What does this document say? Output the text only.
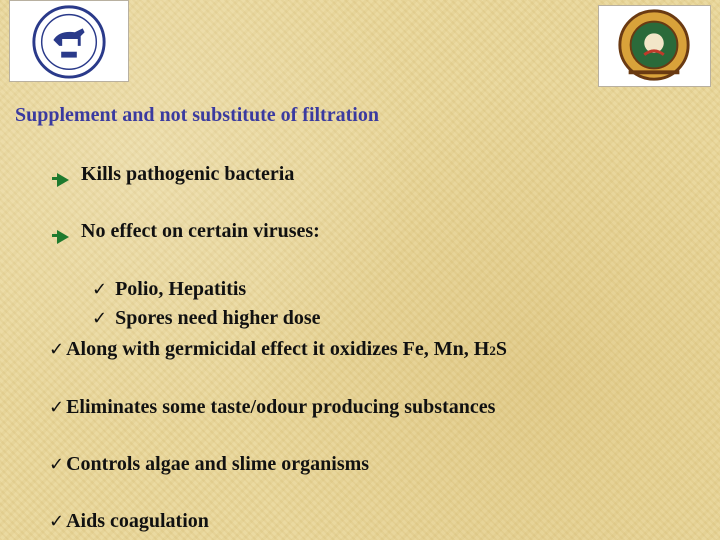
Supplement and not substitute of filtration
Kills pathogenic bacteria
No effect on certain viruses:
✓ Polio, Hepatitis
✓ Spores need higher dose
✓ Along with germicidal effect it oxidizes Fe, Mn, H 2 S
✓ Eliminates some taste/odour producing substances
✓ Controls algae and slime organisms
✓ Aids coagulation
